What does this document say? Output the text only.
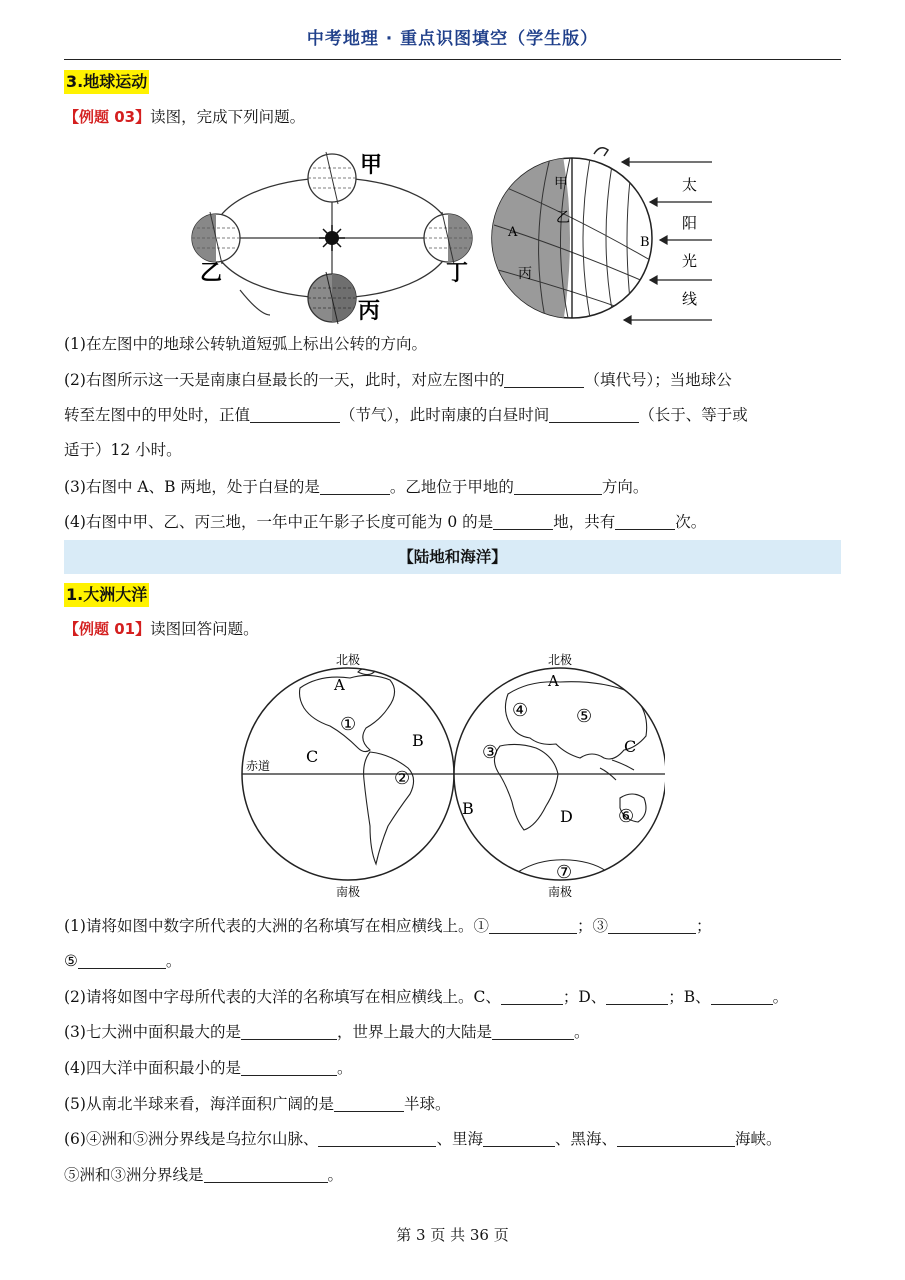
中考地理 · 重点识图填空（学生版）
3.地球运动
【例题 03】读图，完成下列问题。
甲
乙
丙
丁
甲
乙
丙
A
B
太
阳
光
线
(1)在左图中的地球公转轨道短弧上标出公转的方向。
(2)右图所示这一天是南康白昼最长的一天，此时，对应左图中的	（填代号）；当地球公
转至左图中的甲处时，正值	（节气），此时南康的白昼时间	（长于、等于或
适于）12 小时。
(3)右图中 A、B 两地，处于白昼的是	。乙地位于甲地的	方向。
(4)右图中甲、乙、丙三地，一年中正午影子长度可能为 0 的是	地，共有	次。
【陆地和海洋】
1.大洲大洋
【例题 01】读图回答问题。
北极	北极
南极	南极
赤道
A	A
B
B
C
C
D
①
②
③
④	⑤
⑥
⑦
(1)请将如图中数字所代表的大洲的名称填写在相应横线上。①	；③	；
⑤	。
(2)请将如图中字母所代表的大洋的名称填写在相应横线上。C、	；D、	；B、	。
(3)七大洲中面积最大的是	，世界上最大的大陆是	。
(4)四大洋中面积最小的是	。
(5)从南北半球来看，海洋面积广阔的是	半球。
(6)④洲和⑤洲分界线是乌拉尔山脉、	、里海	、黑海、	海峡。
⑤洲和③洲分界线是	。
第 3 页 共 36 页
